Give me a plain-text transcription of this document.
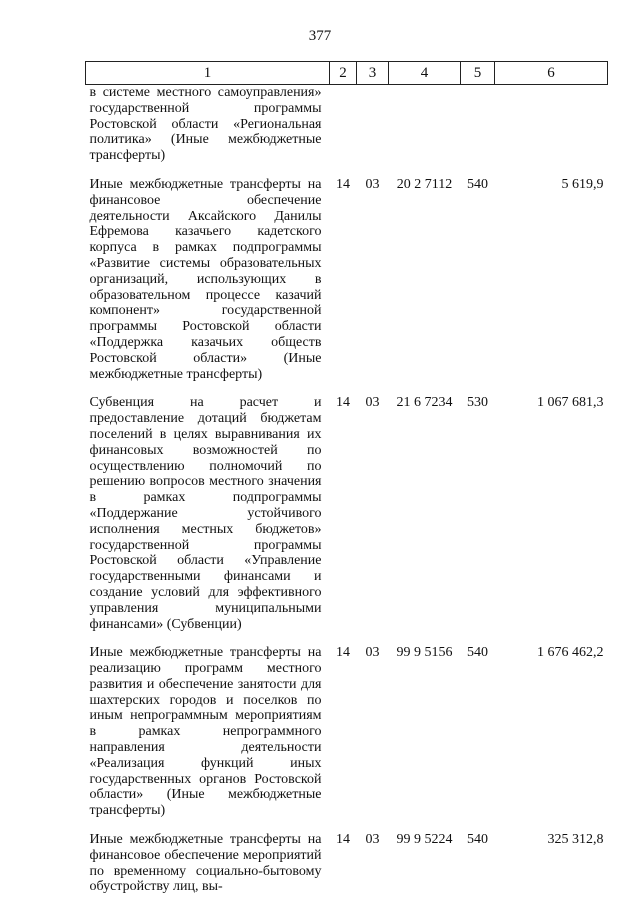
377
1	2	3	4	5	6
в системе местного самоуправления» государственной программы Ростовской области «Региональная политика» (Иные межбюджетные трансферты)					
Иные межбюджетные трансферты на финансовое обеспечение деятельности Аксайского Данилы Ефремова казачьего кадетского корпуса в рамках подпрограммы «Развитие системы образовательных организаций, использующих в образовательном процессе казачий компонент» государственной программы Ростовской области «Поддержка казачьих обществ Ростовской области» (Иные межбюджетные трансферты)	14	03	20 2 7112	540	5 619,9
Субвенция на расчет и предоставление дотаций бюджетам поселений в целях выравнивания их финансовых возможностей по осуществлению полномочий по решению вопросов местного значения в рамках подпрограммы «Поддержание устойчивого исполнения местных бюджетов» государственной программы Ростовской области «Управление государственными финансами и создание условий для эффективного управления муниципальными финансами» (Субвенции)	14	03	21 6 7234	530	1 067 681,3
Иные межбюджетные трансферты на реализацию программ местного развития и обеспечение занятости для шахтерских городов и поселков по иным непрограммным мероприятиям в рамках непрограммного направления деятельности «Реализация функций иных государственных органов Ростовской области» (Иные межбюджетные трансферты)	14	03	99 9 5156	540	1 676 462,2
Иные межбюджетные трансферты на финансовое обеспечение мероприятий по временному социально-бытовому обустройству лиц, вы-	14	03	99 9 5224	540	325 312,8
